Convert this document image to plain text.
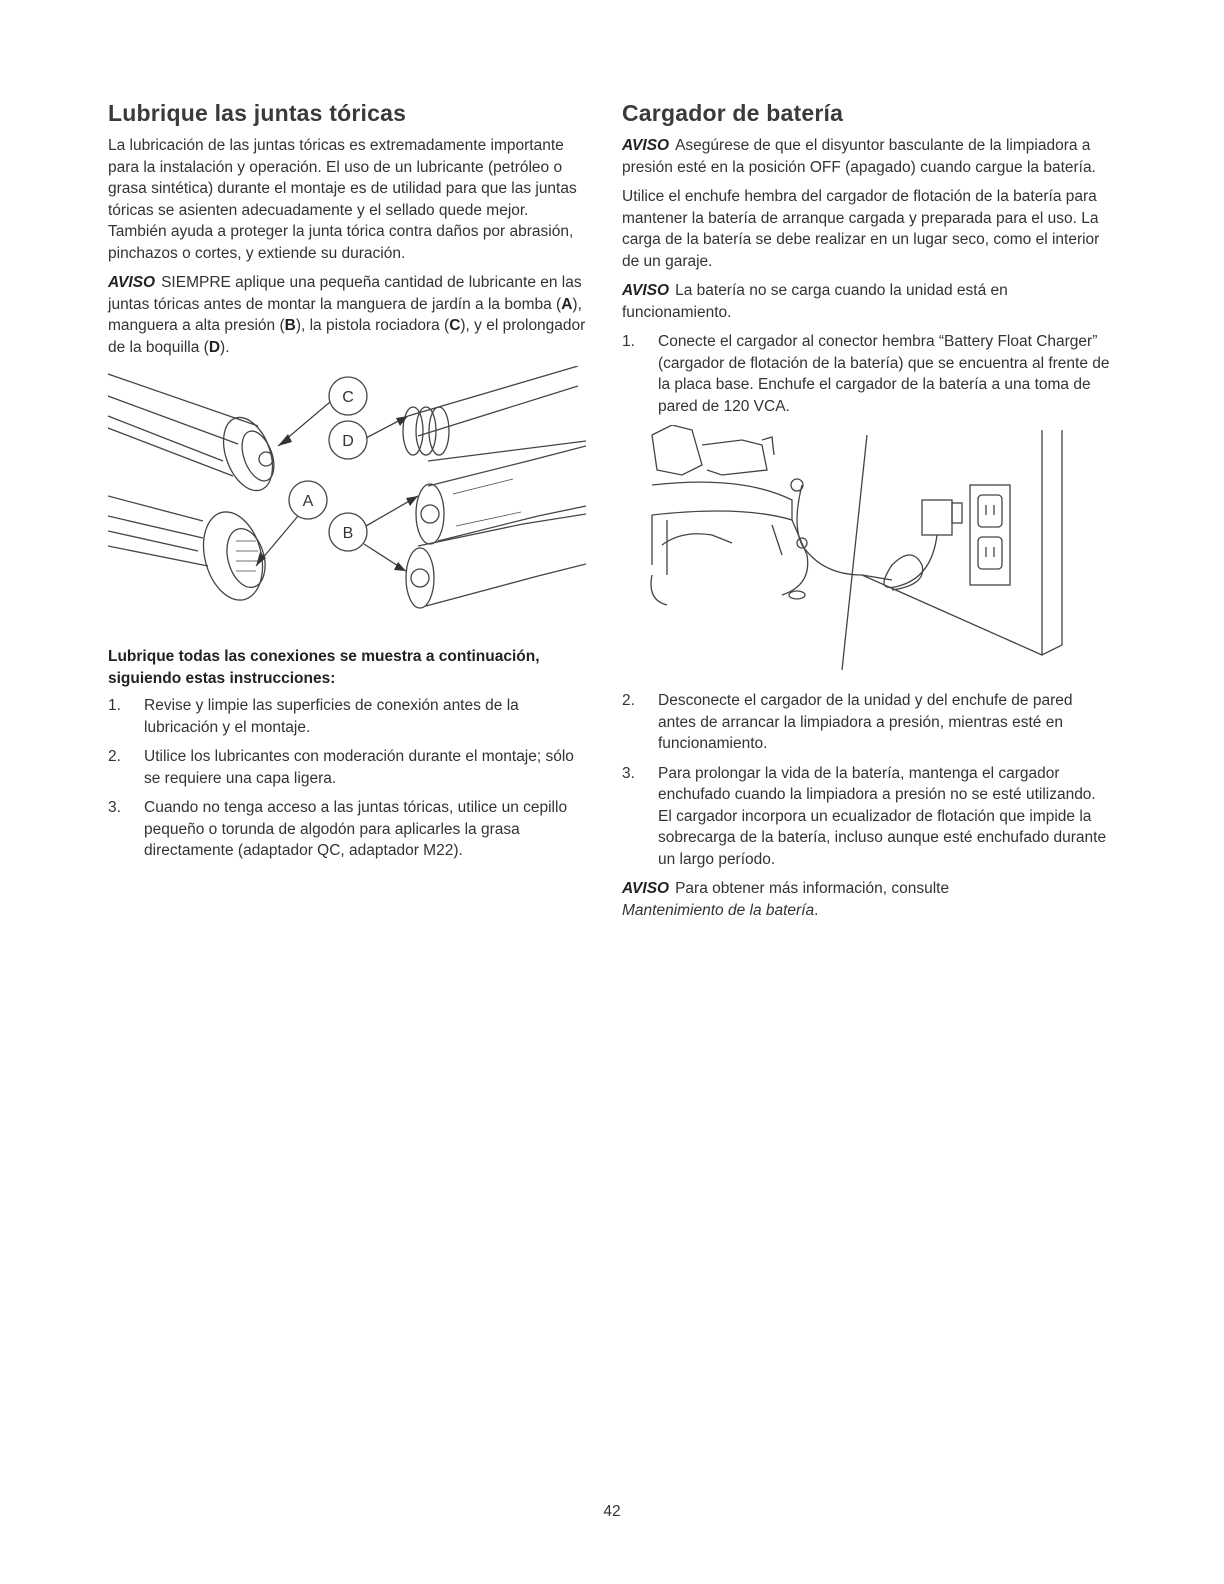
Lubrique las juntas tóricas

La lubricación de las juntas tóricas es extremadamente importante para la instalación y operación. El uso de un lubricante (petróleo o grasa sintética) durante el montaje es de utilidad para que las juntas tóricas se asienten adecuadamente y el sellado quede mejor. También ayuda a proteger la junta tórica contra daños por abrasión, pinchazos o cortes, y extiende su duración.

AVISO SIEMPRE aplique una pequeña cantidad de lubricante en las juntas tóricas antes de montar la manguera de jardín a la bomba (A), manguera a alta presión (B), la pistola rociadora (C), y el prolongador de la boquilla (D).

C
D
A
B
Lubrique todas las conexiones se muestra a continuación, siguiendo estas instrucciones:
1. Revise y limpie las superficies de conexión antes de la lubricación y el montaje.
2. Utilice los lubricantes con moderación durante el montaje; sólo se requiere una capa ligera.
3. Cuando no tenga acceso a las juntas tóricas, utilice un cepillo pequeño o torunda de algodón para aplicarles la grasa directamente (adaptador QC, adaptador M22).
Cargador de batería

AVISO Asegúrese de que el disyuntor basculante de la limpiadora a presión esté en la posición OFF (apagado) cuando cargue la batería.

Utilice el enchufe hembra del cargador de flotación de la batería para mantener la batería de arranque cargada y preparada para el uso. La carga de la batería se debe realizar en un lugar seco, como el interior de un garaje.

AVISO La batería no se carga cuando la unidad está en funcionamiento.

1. Conecte el cargador al conector hembra “Battery Float Charger” (cargador de flotación de la batería) que se encuentra al frente de la placa base. Enchufe el cargador de la batería a una toma de pared de 120 VCA.
2. Desconecte el cargador de la unidad y del enchufe de pared antes de arrancar la limpiadora a presión, mientras esté en funcionamiento.
3. Para prolongar la vida de la batería, mantenga el cargador enchufado cuando la limpiadora a presión no se esté utilizando. El cargador incorpora un ecualizador de flotación que impide la sobrecarga de la batería, incluso aunque esté enchufado durante un largo período.

AVISO Para obtener más información, consulte
Mantenimiento de la batería.

42
